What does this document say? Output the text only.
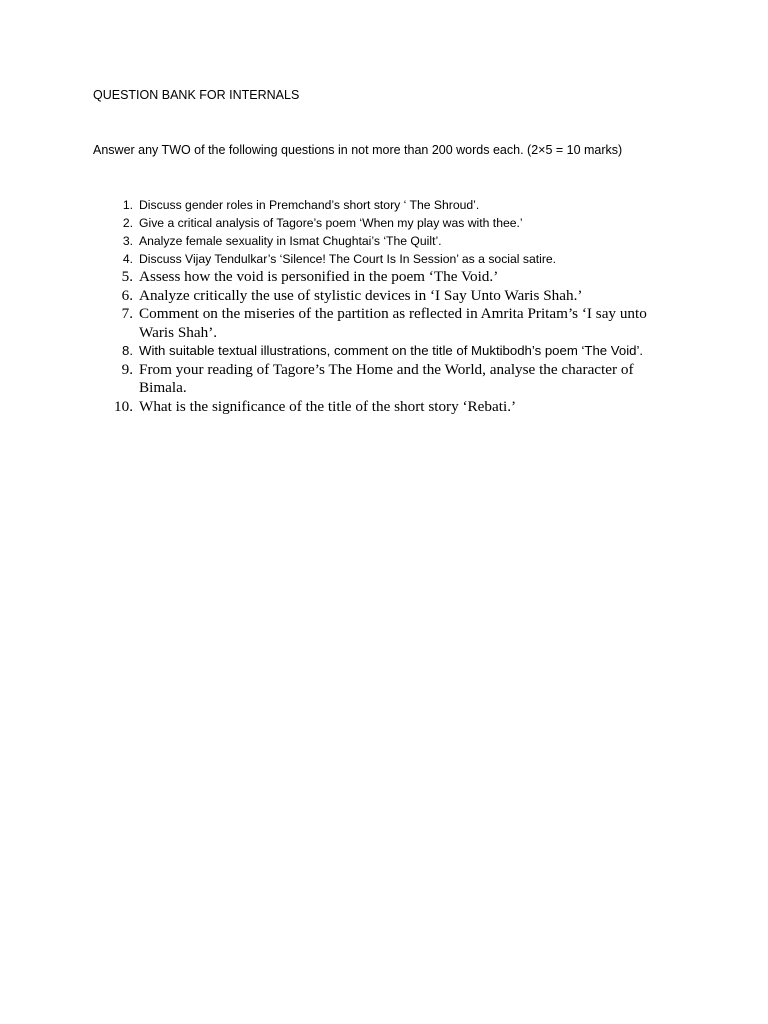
QUESTION BANK FOR INTERNALS
Answer any TWO of the following questions in not more than 200 words each. (2×5 = 10 marks)
1. Discuss gender roles in Premchand’s short story ‘ The Shroud’.
2. Give a critical analysis of Tagore’s poem ‘When my play was with thee.’
3. Analyze female sexuality in Ismat Chughtai’s ‘The Quilt’.
4. Discuss Vijay Tendulkar’s ‘Silence! The Court Is In Session’ as a social satire.
5. Assess how the void is personified in the poem ‘The Void.’
6. Analyze critically the use of stylistic devices in ‘I Say Unto Waris Shah.’
7. Comment on the miseries of the partition as reflected in Amrita Pritam’s ‘I say unto Waris Shah’.
8. With suitable textual illustrations, comment on the title of Muktibodh’s poem ‘The Void’.
9. From your reading of Tagore’s The Home and the World, analyse the character of Bimala.
10. What is the significance of the title of the short story ‘Rebati.’
